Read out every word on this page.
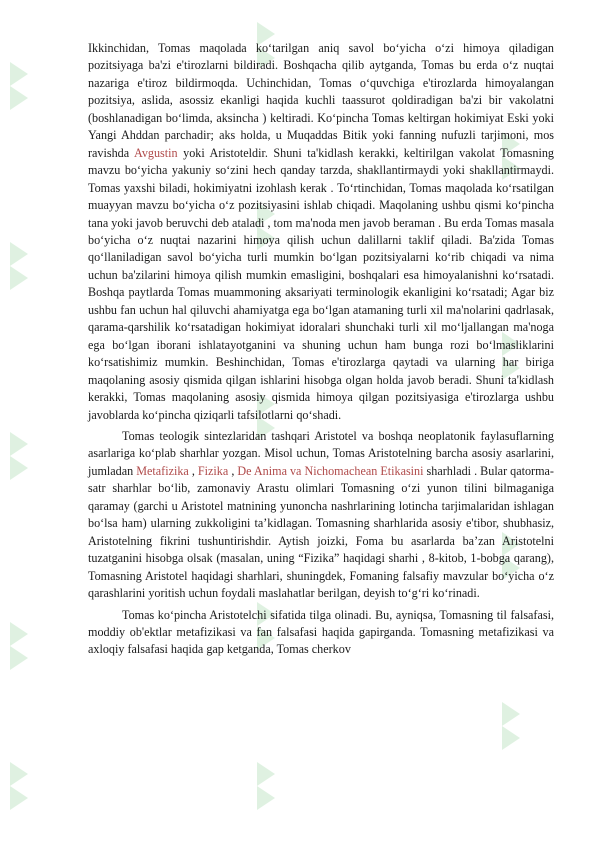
Ikkinchidan, Tomas maqolada koʻtarilgan aniq savol boʻyicha oʻzi himoya qiladigan pozitsiyaga ba'zi e'tirozlarni bildiradi. Boshqacha qilib aytganda, Tomas bu erda oʻz nuqtai nazariga e'tiroz bildirmoqda. Uchinchidan, Tomas oʻquvchiga e'tirozlarda himoyalangan pozitsiya, aslida, asossiz ekanligi haqida kuchli taassurot qoldiradigan ba'zi bir vakolatni (boshlanadigan boʻlimda, aksincha ) keltiradi. Koʻpincha Tomas keltirgan hokimiyat Eski yoki Yangi Ahddan parchadir; aks holda, u Muqaddas Bitik yoki fanning nufuzli tarjimoni, mos ravishda Avgustin yoki Aristoteldir. Shuni ta'kidlash kerakki, keltirilgan vakolat Tomasning mavzu boʻyicha yakuniy soʻzini hech qanday tarzda, shakllantirmaydi yoki shakllantirmaydi. Tomas yaxshi biladi, hokimiyatni izohlash kerak . Toʻrtinchidan, Tomas maqolada koʻrsatilgan muayyan mavzu boʻyicha oʻz pozitsiyasini ishlab chiqadi. Maqolaning ushbu qismi koʻpincha tana yoki javob beruvchi deb ataladi , tom ma'noda men javob beraman . Bu erda Tomas masala boʻyicha oʻz nuqtai nazarini himoya qilish uchun dalillarni taklif qiladi. Ba'zida Tomas qoʻllaniladigan savol boʻyicha turli mumkin boʻlgan pozitsiyalarni koʻrib chiqadi va nima uchun ba'zilarini himoya qilish mumkin emasligini, boshqalari esa himoyalanishni koʻrsatadi. Boshqa paytlarda Tomas muammoning aksariyati terminologik ekanligini koʻrsatadi; Agar biz ushbu fan uchun hal qiluvchi ahamiyatga ega boʻlgan atamaning turli xil ma'nolarini qadrlasak, qarama-qarshilik koʻrsatadigan hokimiyat idoralari shunchaki turli xil moʻljallangan ma'noga ega boʻlgan iborani ishlatayotganini va shuning uchun ham bunga rozi boʻlmasliklarini koʻrsatishimiz mumkin. Beshinchidan, Tomas e'tirozlarga qaytadi va ularning har biriga maqolaning asosiy qismida qilgan ishlarini hisobga olgan holda javob beradi. Shuni ta'kidlash kerakki, Tomas maqolaning asosiy qismida himoya qilgan pozitsiyasiga e'tirozlarga ushbu javoblarda koʻpincha qiziqarli tafsilotlarni qoʻshadi.

Tomas teologik sintezlaridan tashqari Aristotel va boshqa neoplatonik faylasuflarning asarlariga koʻplab sharhlar yozgan. Misol uchun, Tomas Aristotelning barcha asosiy asarlarini, jumladan Metafizika , Fizika , De Anima va Nichomachean Etikasini sharhladi . Bular qatorma-satr sharhlar boʻlib, zamonaviy Arastu olimlari Tomasning oʻzi yunon tilini bilmaganiga qaramay (garchi u Aristotel matnining yunoncha nashrlarining lotincha tarjimalaridan ishlagan boʻlsa ham) ularning zukkoligini taʼkidlagan. Tomasning sharhlarida asosiy e'tibor, shubhasiz, Aristotelning fikrini tushuntirishdir. Aytish joizki, Foma bu asarlarda baʼzan Aristotelni tuzatganini hisobga olsak (masalan, uning “Fizika” haqidagi sharhi , 8-kitob, 1-bobga qarang), Tomasning Aristotel haqidagi sharhlari, shuningdek, Fomaning falsafiy mavzular boʻyicha oʻz qarashlarini yoritish uchun foydali maslahatlar berilgan, deyish toʻgʻri koʻrinadi.

Tomas koʻpincha Aristotelchi sifatida tilga olinadi. Bu, ayniqsa, Tomasning til falsafasi, moddiy ob'ektlar metafizikasi va fan falsafasi haqida gapirganda. Tomasning metafizikasi va axloqiy falsafasi haqida gap ketganda, Tomas cherkov
